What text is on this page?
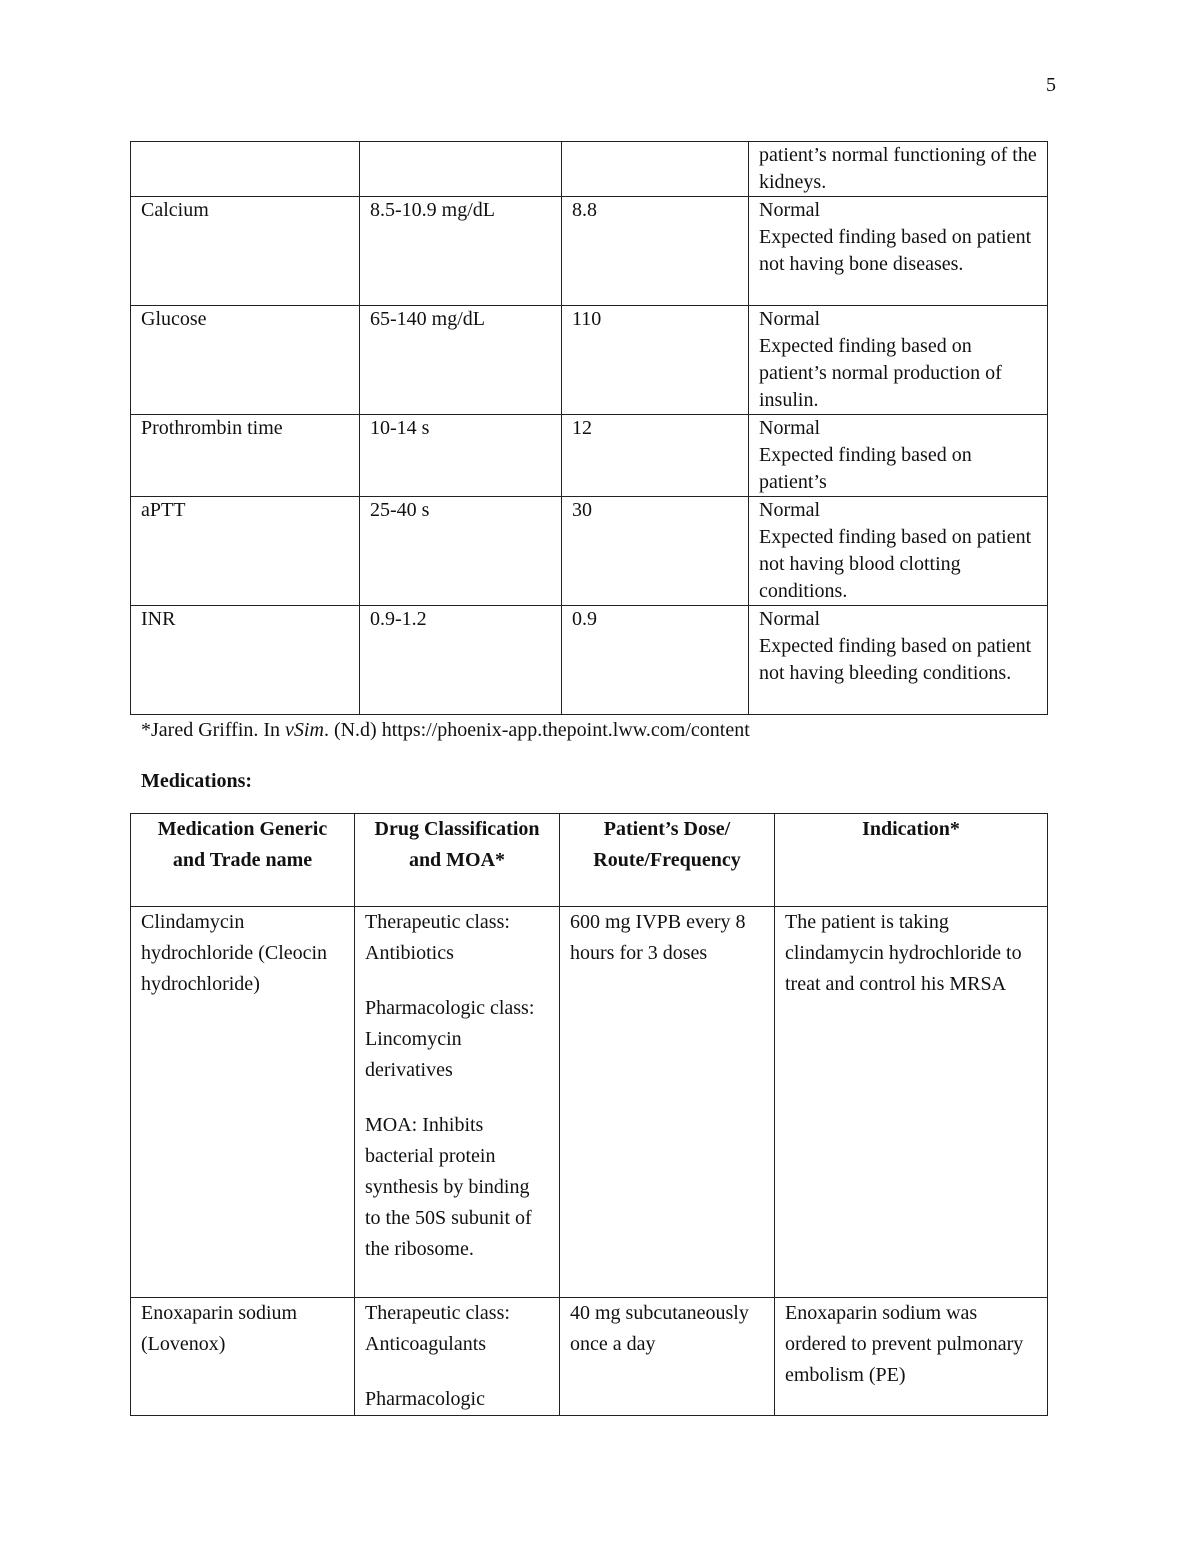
5

			patient’s normal functioning of the kidneys.

Calcium	8.5-10.9 mg/dL	8.8	Normal

Expected finding based on patient not having bone diseases.

Glucose	65-140 mg/dL	110	Normal

Expected finding based on patient’s normal production of insulin.

Prothrombin time	10-14 s	12	Normal

Expected finding based on patient’s

aPTT	25-40 s	30	Normal

Expected finding based on patient not having blood clotting conditions.

INR	0.9-1.2	0.9	Normal

Expected finding based on patient not having bleeding conditions.

*Jared Griffin. In vSim. (N.d) https://phoenix-app.thepoint.lww.com/content
Medications:
Medication Generic and Trade name	Drug Classification and MOA*	Patient’s Dose/ Route/Frequency	Indication*
Clindamycin hydrochloride (Cleocin hydrochloride)	Therapeutic class: Antibiotics

Pharmacologic class: Lincomycin derivatives

MOA: Inhibits bacterial protein synthesis by binding to the 50S subunit of the ribosome.	600 mg IVPB every 8 hours for 3 doses	The patient is taking clindamycin hydrochloride to treat and control his MRSA
Enoxaparin sodium (Lovenox)	Therapeutic class: Anticoagulants

Pharmacologic	40 mg subcutaneously once a day	Enoxaparin sodium was ordered to prevent pulmonary embolism (PE)
